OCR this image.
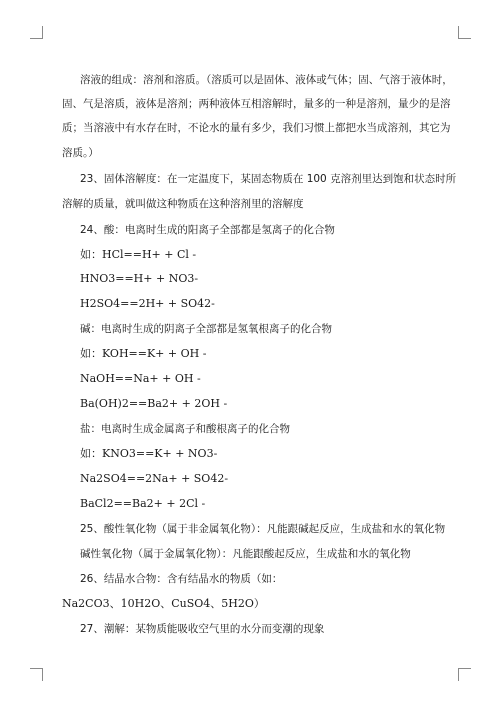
溶液的组成：溶剂和溶质。（溶质可以是固体、液体或气体；固、气溶于液体时，
固、气是溶质，液体是溶剂；两种液体互相溶解时，量多的一种是溶剂，量少的是溶
质；当溶液中有水存在时，不论水的量有多少，我们习惯上都把水当成溶剂，其它为
溶质。）
23、固体溶解度：在一定温度下，某固态物质在 100 克溶剂里达到饱和状态时所
溶解的质量，就叫做这种物质在这种溶剂里的溶解度
24、酸：电离时生成的阳离子全部都是氢离子的化合物
如：HCl==H+ + Cl -
HNO3==H+ + NO3-
H2SO4==2H+ + SO42-
碱：电离时生成的阴离子全部都是氢氧根离子的化合物
如：KOH==K+ + OH -
NaOH==Na+ + OH -
Ba(OH)2==Ba2+ + 2OH -
盐：电离时生成金属离子和酸根离子的化合物
如：KNO3==K+ + NO3-
Na2SO4==2Na+ + SO42-
BaCl2==Ba2+ + 2Cl -
25、酸性氧化物（属于非金属氧化物）：凡能跟碱起反应，生成盐和水的氧化物
碱性氧化物（属于金属氧化物）：凡能跟酸起反应，生成盐和水的氧化物
26、结晶水合物：含有结晶水的物质（如：
Na2CO3、10H2O、CuSO4、5H2O）
27、潮解：某物质能吸收空气里的水分而变潮的现象
